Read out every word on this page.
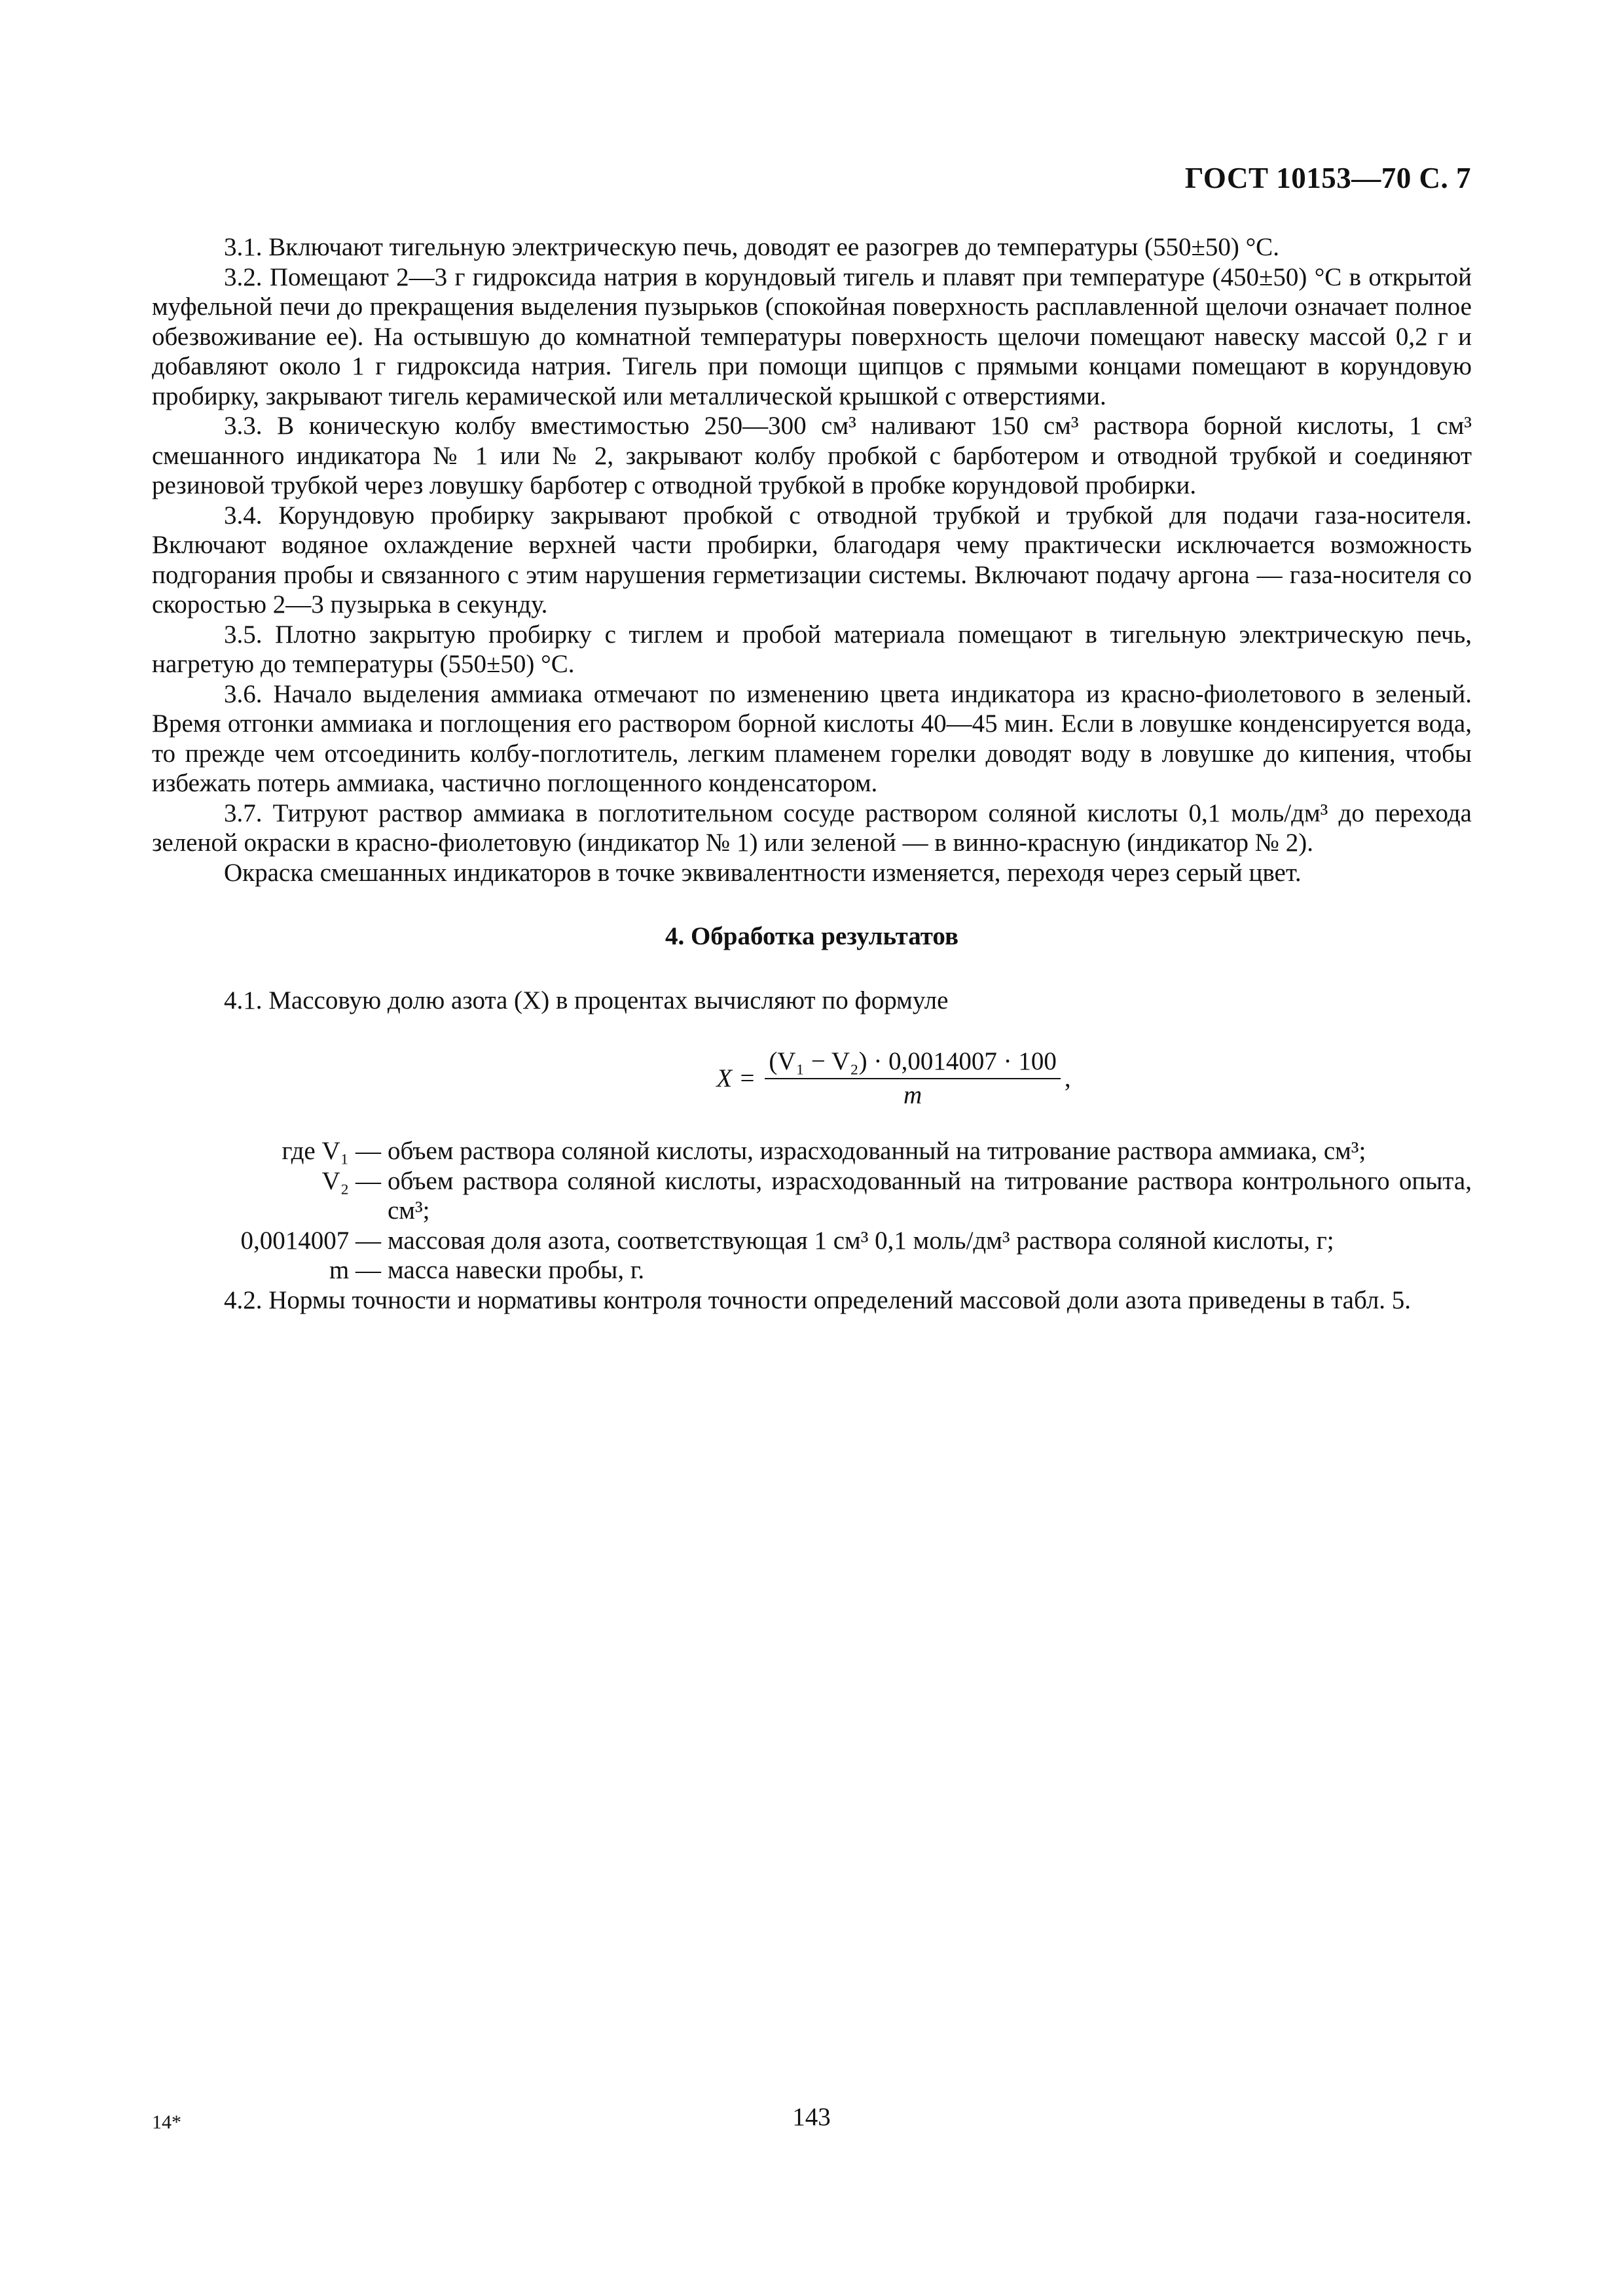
ГОСТ 10153—70 С. 7

3.1. Включают тигельную электрическую печь, доводят ее разогрев до температуры (550±50) °С.

3.2. Помещают 2—3 г гидроксида натрия в корундовый тигель и плавят при температуре (450±50) °С в открытой муфельной печи до прекращения выделения пузырьков (спокойная поверхность расплавленной щелочи означает полное обезвоживание ее). На остывшую до комнатной температуры поверхность щелочи помещают навеску массой 0,2 г и добавляют около 1 г гидроксида натрия. Тигель при помощи щипцов с прямыми концами помещают в корундовую пробирку, закрывают тигель керамической или металлической крышкой с отверстиями.

3.3. В коническую колбу вместимостью 250—300 см³ наливают 150 см³ раствора борной кислоты, 1 см³ смешанного индикатора № 1 или № 2, закрывают колбу пробкой с барботером и отводной трубкой и соединяют резиновой трубкой через ловушку барботер с отводной трубкой в пробке корундовой пробирки.

3.4. Корундовую пробирку закрывают пробкой с отводной трубкой и трубкой для подачи газа-носителя. Включают водяное охлаждение верхней части пробирки, благодаря чему практически исключается возможность подгорания пробы и связанного с этим нарушения герметизации системы. Включают подачу аргона — газа-носителя со скоростью 2—3 пузырька в секунду.

3.5. Плотно закрытую пробирку с тиглем и пробой материала помещают в тигельную электрическую печь, нагретую до температуры (550±50) °С.

3.6. Начало выделения аммиака отмечают по изменению цвета индикатора из красно-фиолетового в зеленый. Время отгонки аммиака и поглощения его раствором борной кислоты 40—45 мин. Если в ловушке конденсируется вода, то прежде чем отсоединить колбу-поглотитель, легким пламенем горелки доводят воду в ловушке до кипения, чтобы избежать потерь аммиака, частично поглощенного конденсатором.

3.7. Титруют раствор аммиака в поглотительном сосуде раствором соляной кислоты 0,1 моль/дм³ до перехода зеленой окраски в красно-фиолетовую (индикатор № 1) или зеленой — в винно-красную (индикатор № 2).

Окраска смешанных индикаторов в точке эквивалентности изменяется, переходя через серый цвет.

4. Обработка результатов

4.1. Массовую долю азота (X) в процентах вычисляют по формуле

$X = \frac{\text{(V₁ − V₂) · 0,0014007 · 100}}{m}$ ,
где V₁ — объем раствора соляной кислоты, израсходованный на титрование раствора аммиака, см³;
V₂ — объем раствора соляной кислоты, израсходованный на титрование раствора контрольного опыта, см³;
0,0014007 — массовая доля азота, соответствующая 1 см³ 0,1 моль/дм³ раствора соляной кислоты, г;
m — масса навески пробы, г.

4.2. Нормы точности и нормативы контроля точности определений массовой доли азота приведены в табл. 5.

14*	143
